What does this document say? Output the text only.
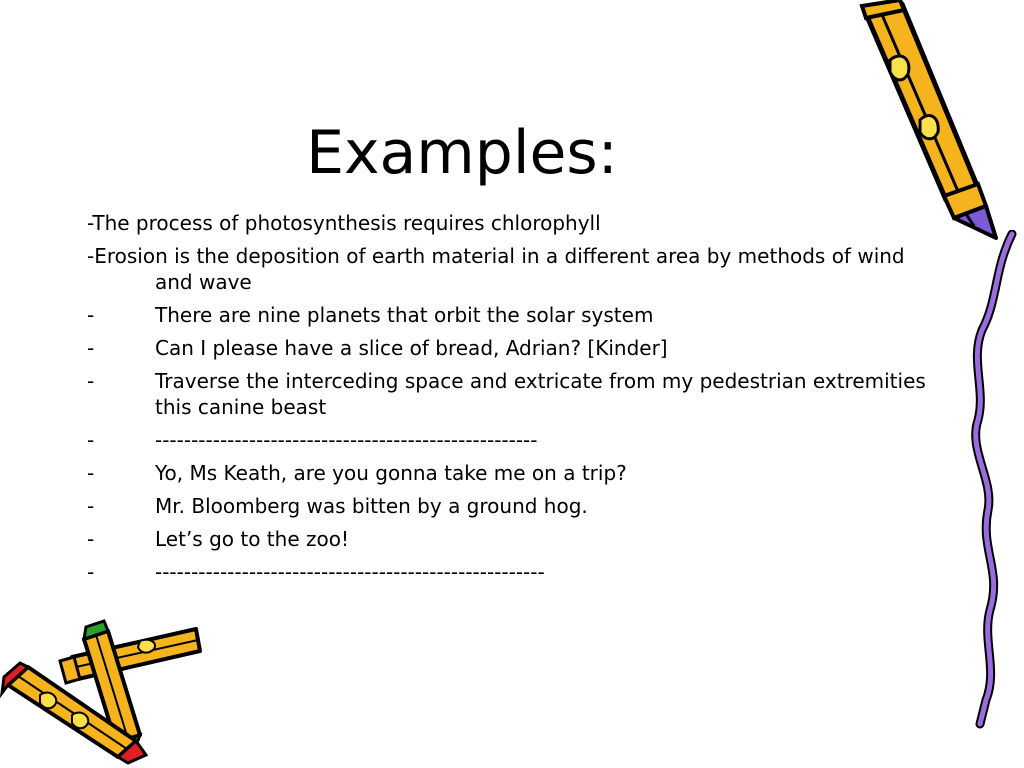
Examples:
-The process of photosynthesis requires chlorophyll
-Erosion is the deposition of earth material in a different area by methods of wind and wave
-	There are nine planets that orbit the solar system
-	Can I please have a slice of bread, Adrian? [Kinder]
-	Traverse the interceding space and extricate from my pedestrian extremities this canine beast
-	-----------------------------------------------------
-	Yo, Ms Keath, are you gonna take me on a trip?
-	Mr. Bloomberg was bitten by a ground hog.
-	Let’s go to the zoo!
-	------------------------------------------------------
